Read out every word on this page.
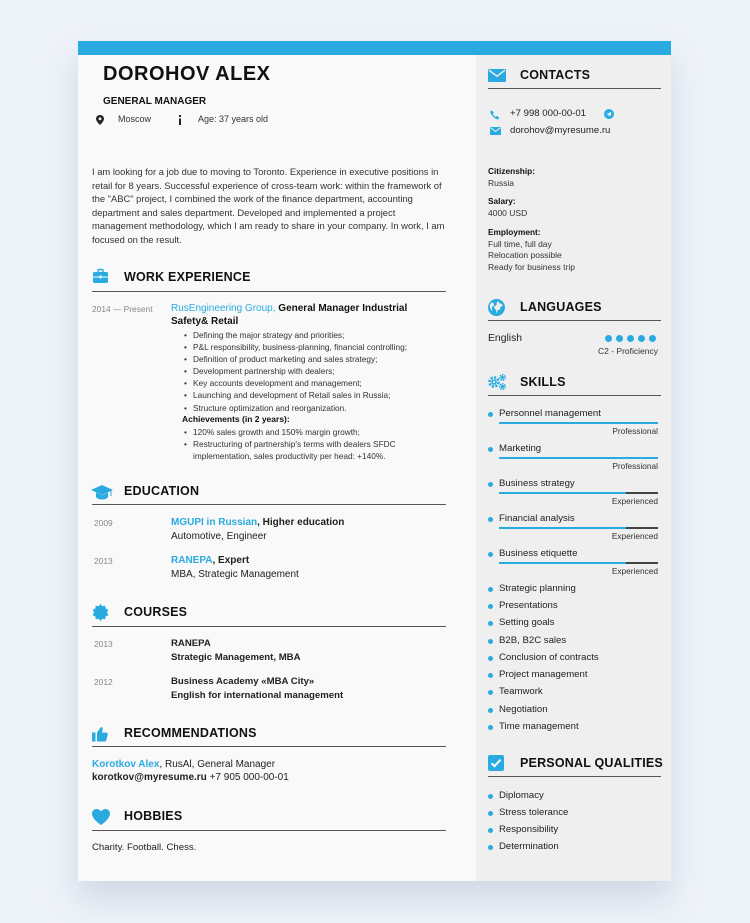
DOROHOV ALEX
GENERAL MANAGER
Moscow	Age: 37 years old
I am looking for a job due to moving to Toronto. Experience in executive positions in retail for 8 years. Successful experience of cross-team work: within the framework of the "ABC" project, I combined the work of the finance department, accounting department and sales department. Developed and implemented a project management methodology, which I am ready to share in your company. In work, I am focused on the result.
WORK EXPERIENCE
2014 — Present RusEngineering Group, General Manager Industrial
Safety& Retail
• Defining the major strategy and priorities;
• P&L responsibility, business-planning, financial controlling;
• Definition of product marketing and sales strategy;
• Development partnership with dealers;
• Key accounts development and management;
• Launching and development of Retail sales in Russia;
• Structure optimization and reorganization.
Achievements (in 2 years):
• 120% sales growth and 150% margin growth;
• Restructuring of partnership's terms with dealers SFDC implementation, sales productivity per head: +140%.
EDUCATION
2009	MGUPI in Russian, Higher education
Automotive, Engineer
2013	RANEPA, Expert
MBA, Strategic Management
COURSES
2013	RANEPA
Strategic Management, MBA
2012	Business Academy «MBA City»
English for international management
RECOMMENDATIONS
Korotkov Alex, RusAl, General Manager
korotkov@myresume.ru +7 905 000-00-01
HOBBIES
Charity. Football. Chess.
CONTACTS
+7 998 000-00-01
dorohov@myresume.ru
Citizenship:
Russia
Salary:
4000 USD
Employment:
Full time, full day
Relocation possible
Ready for business trip
LANGUAGES
English
C2 - Proficiency
SKILLS
Personnel management
Professional
Marketing
Professional
Business strategy
Experienced
Financial analysis
Experienced
Business etiquette
Experienced
Strategic planning
Presentations
Setting goals
B2B, B2C sales
Conclusion of contracts
Project management
Teamwork
Negotiation
Time management
PERSONAL QUALITIES
Diplomacy
Stress tolerance
Responsibility
Determination
